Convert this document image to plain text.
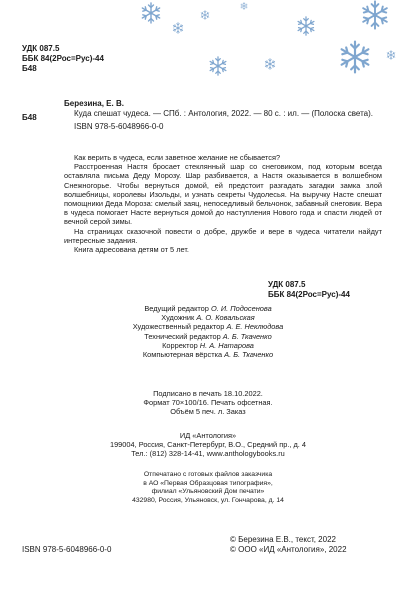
УДК 087.5
ББК 84(2Рос=Рус)-44
Б48
Б48
Березина, Е. В.
Куда спешат чудеса. — СПб. : Антология, 2022. — 80 с. : ил. — (Полоска света).
ISBN 978-5-6048966-0-0

Как верить в чудеса, если заветное желание не сбывается?

Расстроенная Настя бросает стеклянный шар со снеговиком, под которым всегда оставляла письма Деду Морозу. Шар разбивается, а Настя оказывается в волшебном Снежногорье. Чтобы вернуться домой, ей предстоит разгадать загадки замка злой волшебницы, королевы Изольды, и узнать секреты Чудолесья. На выручку Насте спешат помощники Деда Мороза: смелый заяц, непоседливый бельчонок, забавный снеговик. Вера в чудеса помогает Насте вернуться домой до наступления Нового года и спасти людей от вечной серой зимы.

На страницах сказочной повести о добре, дружбе и вере в чудеса читатели найдут интересные задания.

Книга адресована детям от 5 лет.

УДК 087.5
ББК 84(2Рос=Рус)-44
Ведущий редактор О. И. Подосенова
Художник А. О. Ковальская
Художественный редактор А. Е. Неклюдова
Технический редактор А. Б. Ткаченко
Корректор Н. А. Натарова
Компьютерная вёрстка А. Б. Ткаченко
Подписано в печать 18.10.2022.
Формат 70×100/16. Печать офсетная.
Объём 5 печ. л. Заказ
ИД «Антология»
199004, Россия, Санкт-Петербург, В.О., Средний пр., д. 4
Тел.: (812) 328-14-41, www.anthologybooks.ru
Отпечатано с готовых файлов заказчика
в АО «Первая Образцовая типография»,
филиал «Ульяновский Дом печати»
432980, Россия, Ульяновск, ул. Гончарова, д. 14
ISBN 978-5-6048966-0-0
© Березина Е.В., текст, 2022
© ООО «ИД «Антология», 2022
